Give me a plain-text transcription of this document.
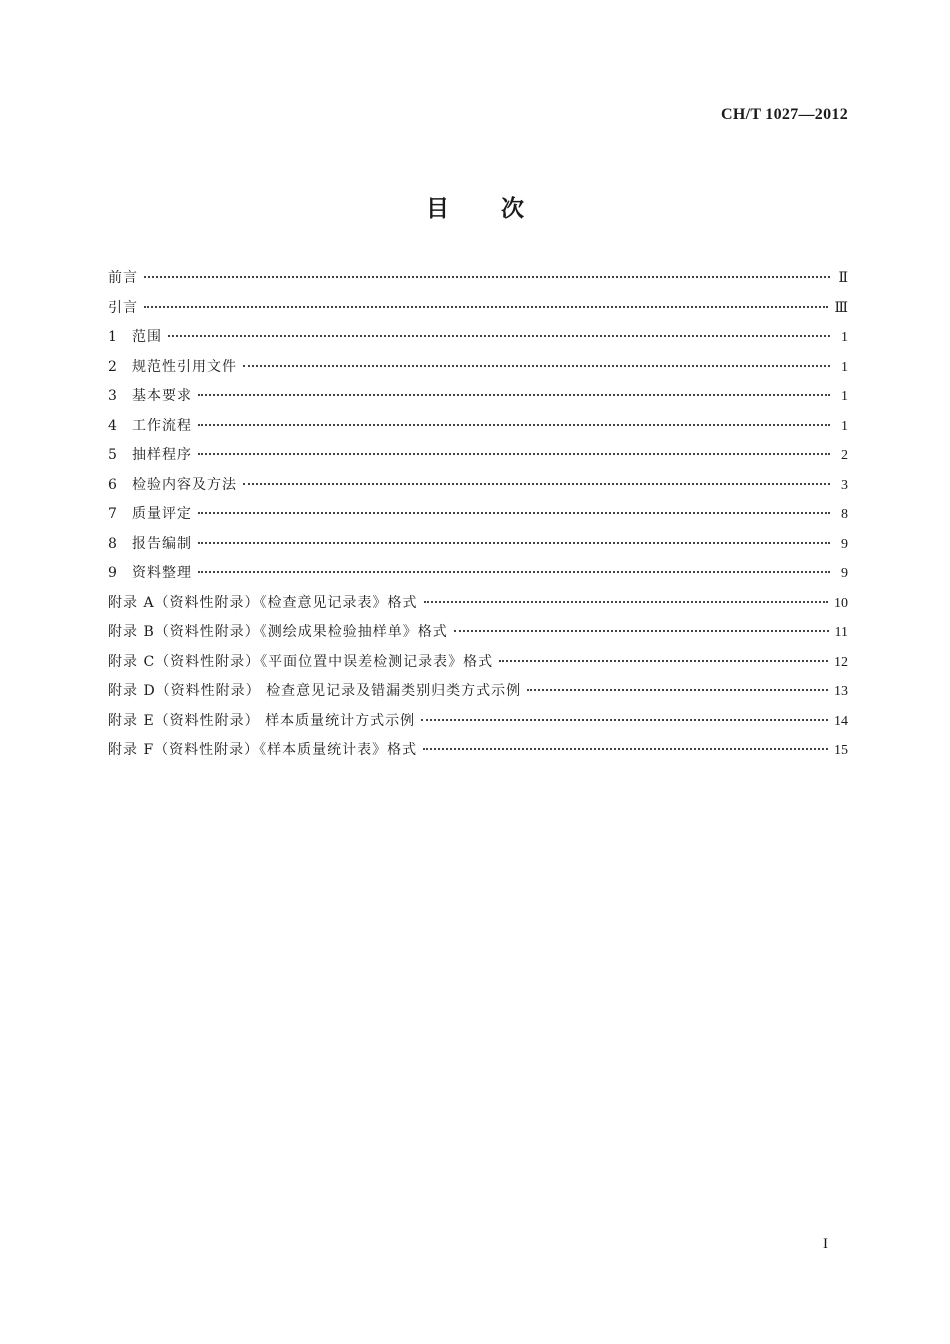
CH/T 1027—2012
目次
前言	Ⅱ
引言	Ⅲ
1	范围	1
2	规范性引用文件	1
3	基本要求	1
4	工作流程	1
5	抽样程序	2
6	检验内容及方法	3
7	质量评定	8
8	报告编制	9
9	资料整理	9
附录 A（资料性附录）《检查意见记录表》格式	10
附录 B（资料性附录）《测绘成果检验抽样单》格式	11
附录 C（资料性附录）《平面位置中误差检测记录表》格式	12
附录 D（资料性附录） 检查意见记录及错漏类别归类方式示例	13
附录 E（资料性附录） 样本质量统计方式示例	14
附录 F（资料性附录）《样本质量统计表》格式	15
I
